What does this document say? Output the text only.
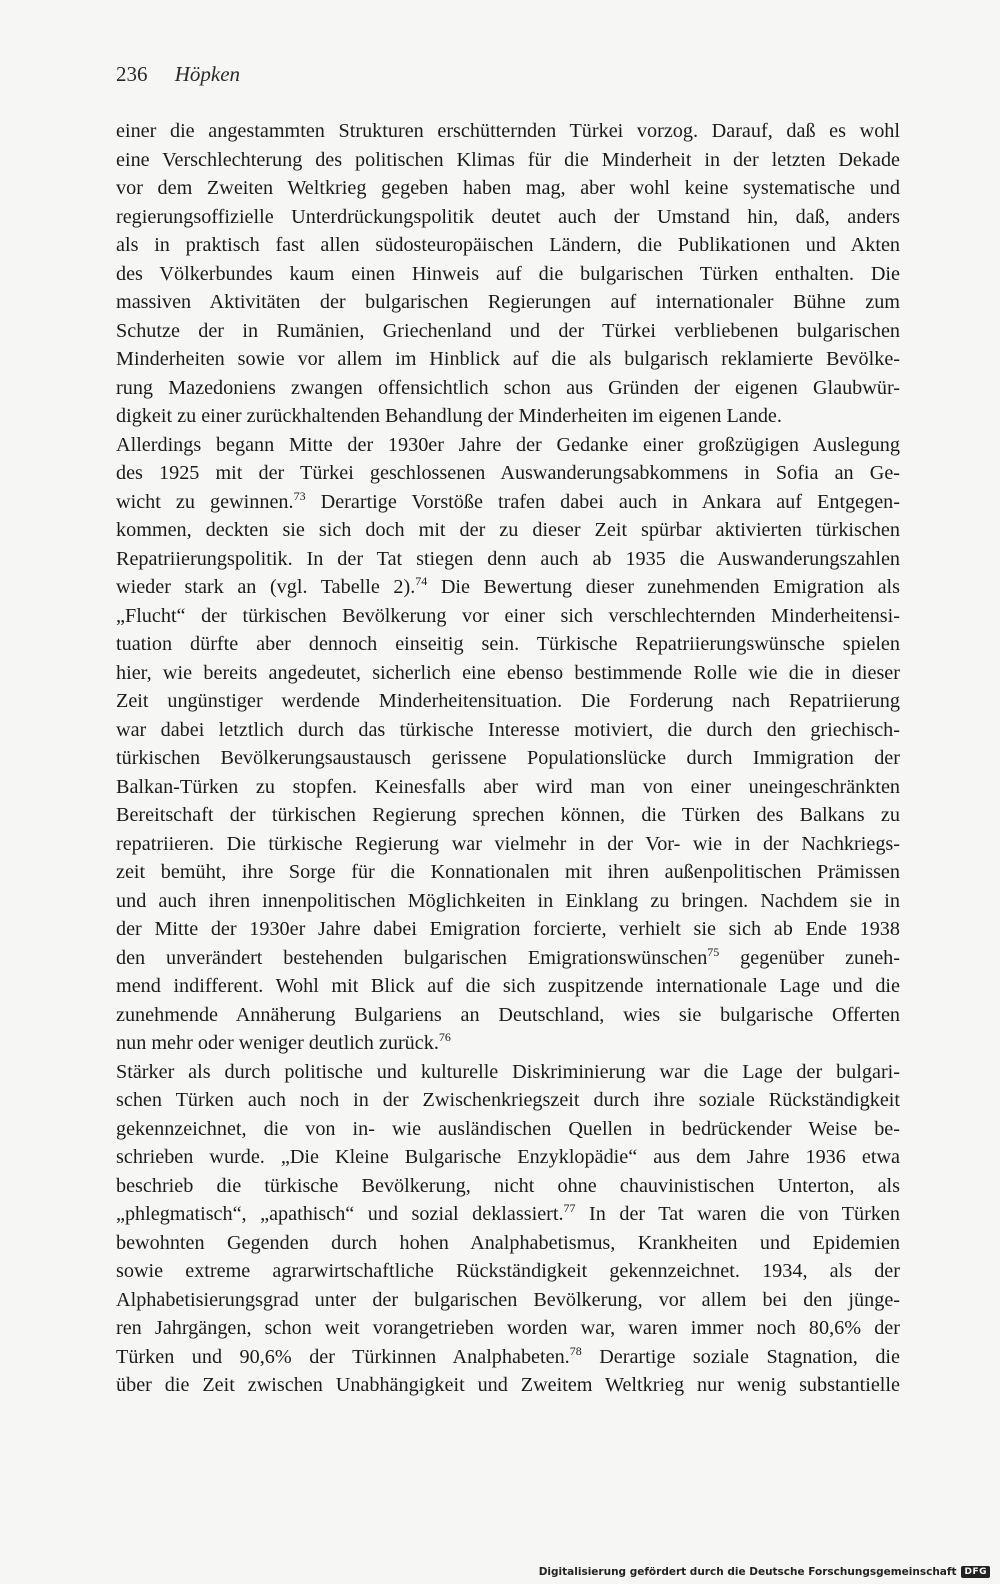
236 Höpken
einer die angestammten Strukturen erschütternden Türkei vorzog. Darauf, daß es wohl
eine Verschlechterung des politischen Klimas für die Minderheit in der letzten Dekade
vor dem Zweiten Weltkrieg gegeben haben mag, aber wohl keine systematische und
regierungsoffizielle Unterdrückungspolitik deutet auch der Umstand hin, daß, anders
als in praktisch fast allen südosteuropäischen Ländern, die Publikationen und Akten
des Völkerbundes kaum einen Hinweis auf die bulgarischen Türken enthalten. Die
massiven Aktivitäten der bulgarischen Regierungen auf internationaler Bühne zum
Schutze der in Rumänien, Griechenland und der Türkei verbliebenen bulgarischen
Minderheiten sowie vor allem im Hinblick auf die als bulgarisch reklamierte Bevölke-
rung Mazedoniens zwangen offensichtlich schon aus Gründen der eigenen Glaubwür-
digkeit zu einer zurückhaltenden Behandlung der Minderheiten im eigenen Lande.
Allerdings begann Mitte der 1930er Jahre der Gedanke einer großzügigen Auslegung
des 1925 mit der Türkei geschlossenen Auswanderungsabkommens in Sofia an Ge-
wicht zu gewinnen.$^{73}$ Derartige Vorstöße trafen dabei auch in Ankara auf Entgegen-
kommen, deckten sie sich doch mit der zu dieser Zeit spürbar aktivierten türkischen
Repatriierungspolitik. In der Tat stiegen denn auch ab 1935 die Auswanderungszahlen
wieder stark an (vgl. Tabelle 2).$^{74}$ Die Bewertung dieser zunehmenden Emigration als
„Flucht“ der türkischen Bevölkerung vor einer sich verschlechternden Minderheitensi-
tuation dürfte aber dennoch einseitig sein. Türkische Repatriierungswünsche spielen
hier, wie bereits angedeutet, sicherlich eine ebenso bestimmende Rolle wie die in dieser
Zeit ungünstiger werdende Minderheitensituation. Die Forderung nach Repatriierung
war dabei letztlich durch das türkische Interesse motiviert, die durch den griechisch-
türkischen Bevölkerungsaustausch gerissene Populationslücke durch Immigration der
Balkan-Türken zu stopfen. Keinesfalls aber wird man von einer uneingeschränkten
Bereitschaft der türkischen Regierung sprechen können, die Türken des Balkans zu
repatriieren. Die türkische Regierung war vielmehr in der Vor- wie in der Nachkriegs-
zeit bemüht, ihre Sorge für die Konnationalen mit ihren außenpolitischen Prämissen
und auch ihren innenpolitischen Möglichkeiten in Einklang zu bringen. Nachdem sie in
der Mitte der 1930er Jahre dabei Emigration forcierte, verhielt sie sich ab Ende 1938
den unverändert bestehenden bulgarischen Emigrationswünschen$^{75}$ gegenüber zuneh-
mend indifferent. Wohl mit Blick auf die sich zuspitzende internationale Lage und die
zunehmende Annäherung Bulgariens an Deutschland, wies sie bulgarische Offerten
nun mehr oder weniger deutlich zurück.$^{76}$
Stärker als durch politische und kulturelle Diskriminierung war die Lage der bulgari-
schen Türken auch noch in der Zwischenkriegszeit durch ihre soziale Rückständigkeit
gekennzeichnet, die von in- wie ausländischen Quellen in bedrückender Weise be-
schrieben wurde. „Die Kleine Bulgarische Enzyklopädie“ aus dem Jahre 1936 etwa
beschrieb die türkische Bevölkerung, nicht ohne chauvinistischen Unterton, als
„phlegmatisch“, „apathisch“ und sozial deklassiert.$^{77}$ In der Tat waren die von Türken
bewohnten Gegenden durch hohen Analphabetismus, Krankheiten und Epidemien
sowie extreme agrarwirtschaftliche Rückständigkeit gekennzeichnet. 1934, als der
Alphabetisierungsgrad unter der bulgarischen Bevölkerung, vor allem bei den jünge-
ren Jahrgängen, schon weit vorangetrieben worden war, waren immer noch 80,6% der
Türken und 90,6% der Türkinnen Analphabeten.$^{78}$ Derartige soziale Stagnation, die
über die Zeit zwischen Unabhängigkeit und Zweitem Weltkrieg nur wenig substantielle
Digitalisierung gefördert durch die Deutsche Forschungsgemeinschaft DFG
